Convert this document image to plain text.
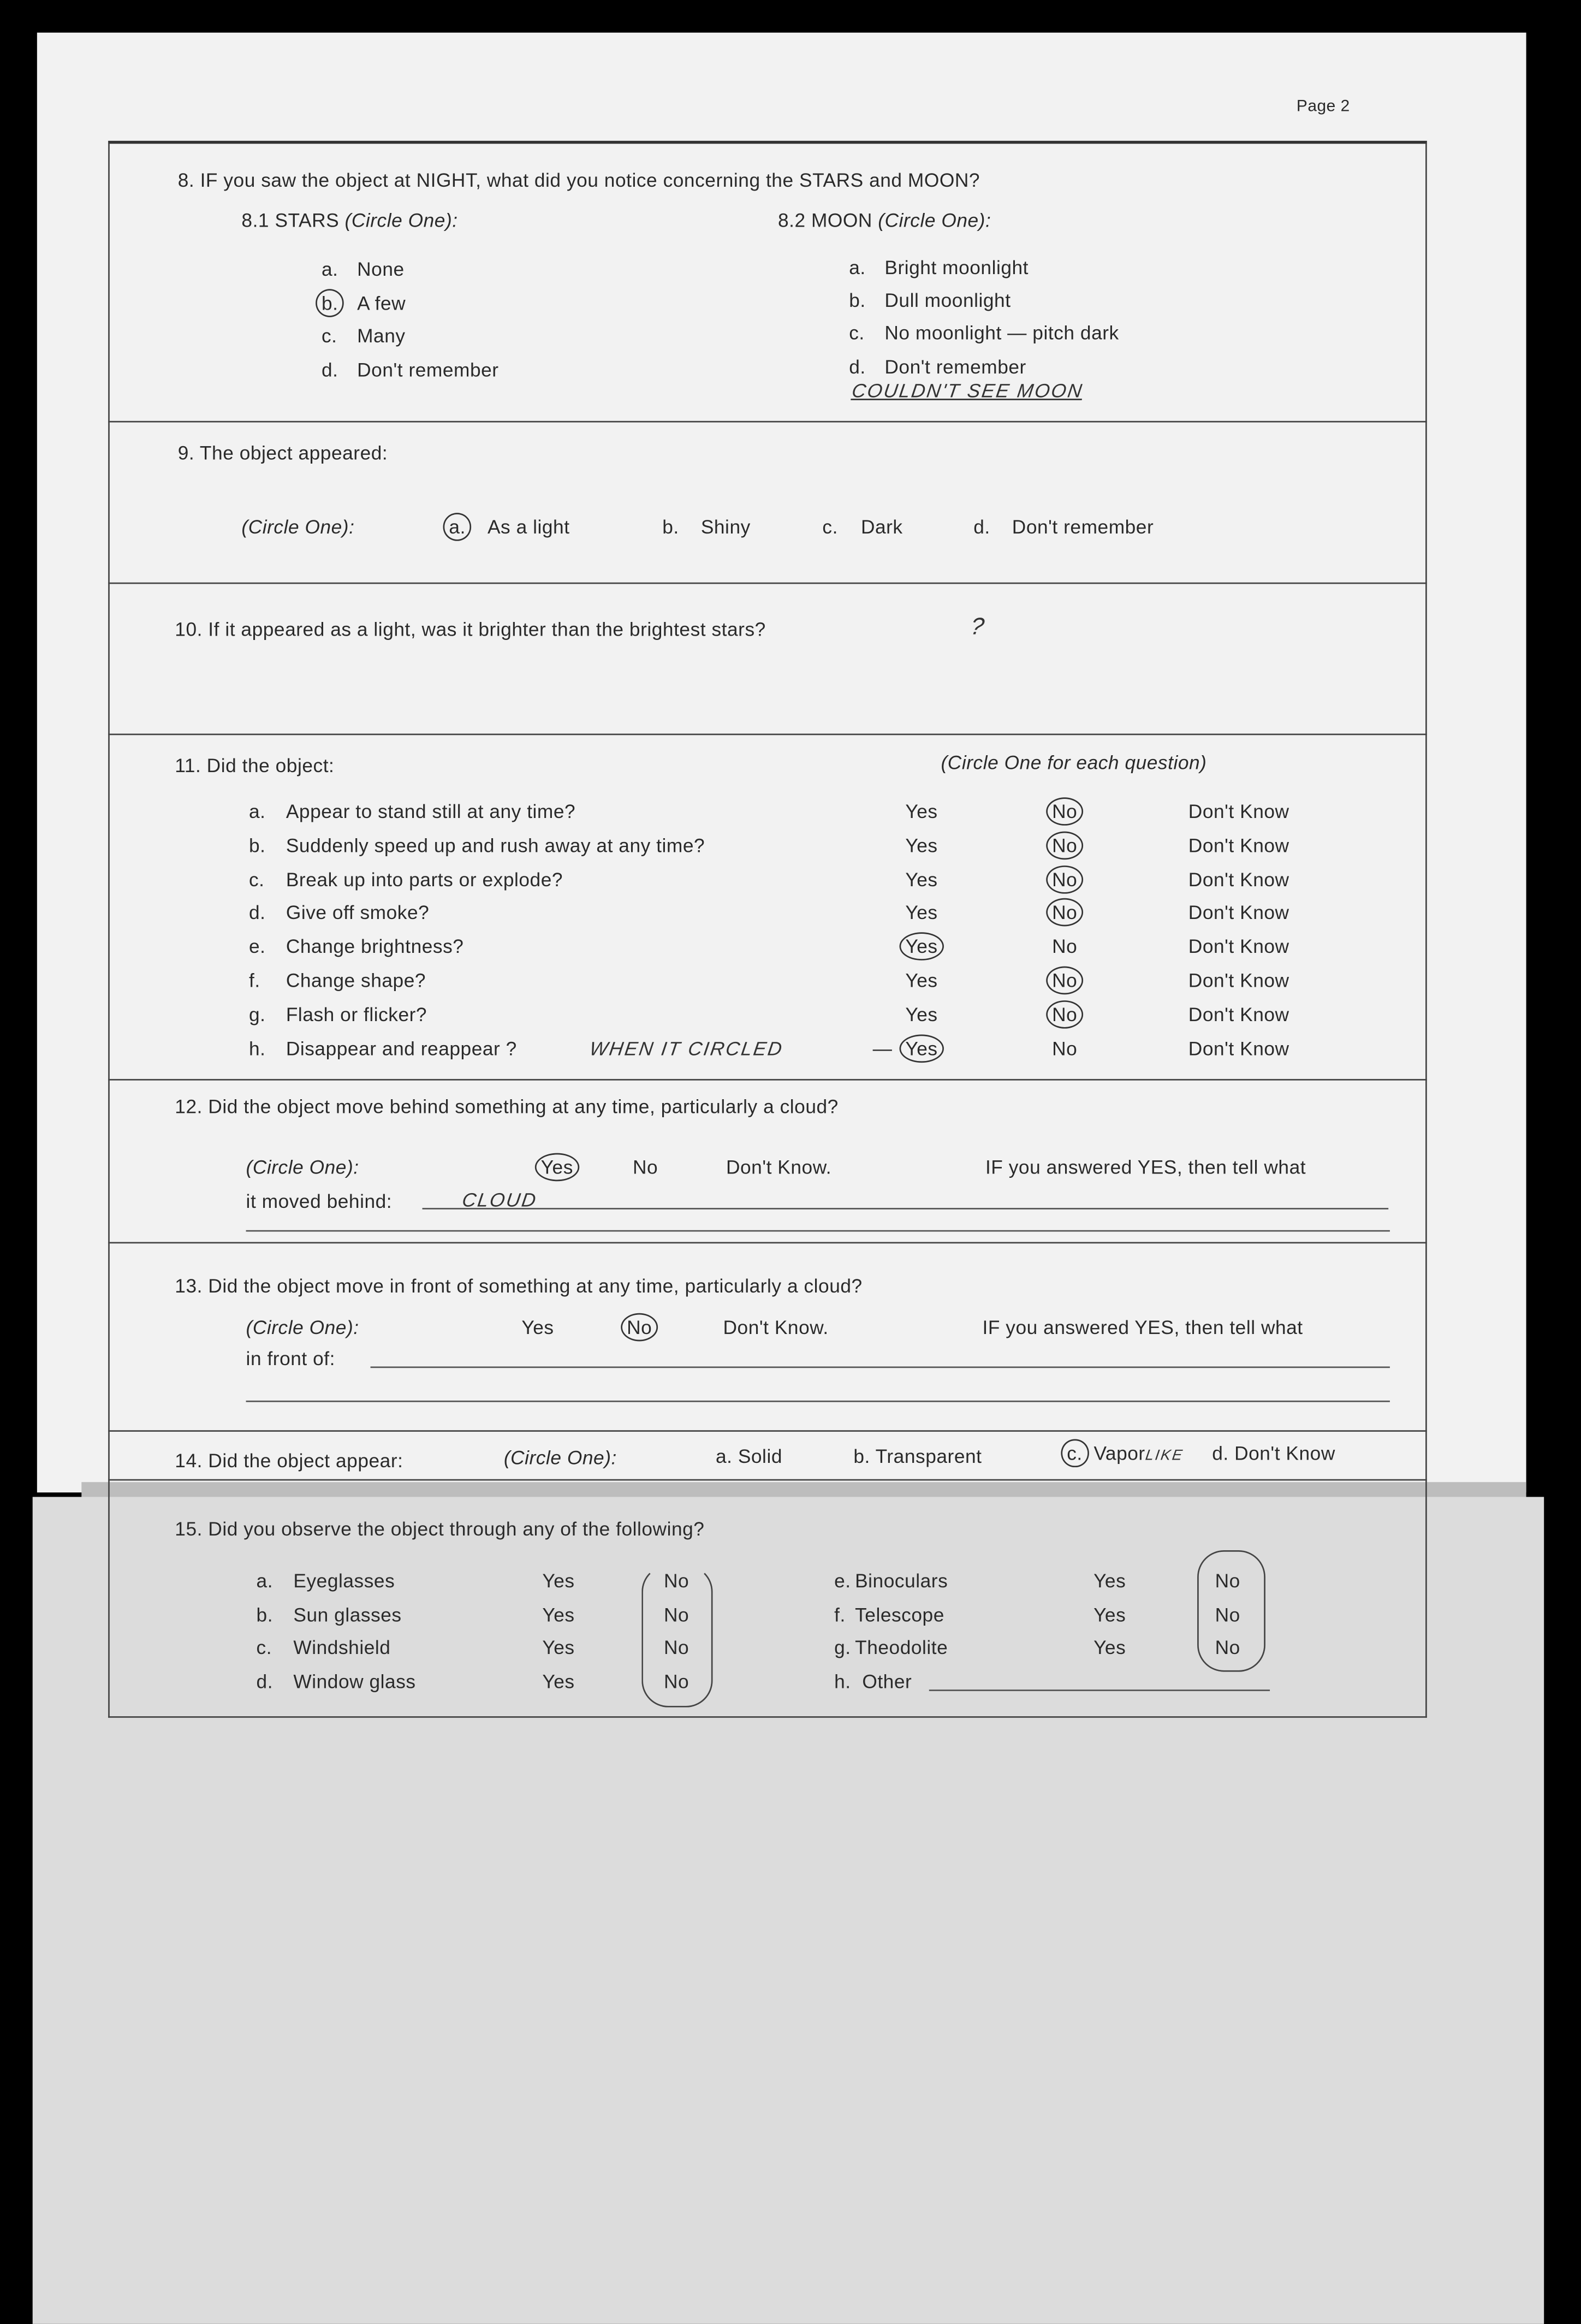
Page 2
8. IF you saw the object at NIGHT, what did you notice concerning the STARS and MOON?
8.1 STARS (Circle One):	8.2 MOON (Circle One):
COULDN'T SEE MOON
9. The object appeared:
(Circle One):
10. If it appeared as a light, was it brighter than the brightest stars?	?
11. Did the object:	(Circle One for each question)
WHEN IT CIRCLED	—
12. Did the object move behind something at any time, particularly a cloud?
(Circle One):	Yes	No	Don't Know.	IF you answered YES, then tell what
it moved behind:	CLOUD
13. Did the object move in front of something at any time, particularly a cloud?
(Circle One):	Yes	No	Don't Know.	IF you answered YES, then tell what
in front of:
14. Did the object appear:	(Circle One):	a. Solid	b. Transparent	c. VaporLIKE	d. Don't Know
15. Did you observe the object through any of the following?
h. Other
a.	None
b.	A few
c.	Many
d.	Don't remember
a.	Bright moonlight
b.	Dull moonlight
c.	No moonlight — pitch dark
d.	Don't remember
a.	As a light	b.	Shiny	c.	Dark	d.	Don't remember
a.	Appear to stand still at any time?	Yes	No	Don't Know
b.	Suddenly speed up and rush away at any time?	Yes	No	Don't Know
c.	Break up into parts or explode?	Yes	No	Don't Know
d.	Give off smoke?	Yes	No	Don't Know
e.	Change brightness?	Yes	No	Don't Know
f.	Change shape?	Yes	No	Don't Know
g.	Flash or flicker?	Yes	No	Don't Know
h.	Disappear and reappear ?	Yes	No	Don't Know
a.	Eyeglasses	Yes	No
b.	Sun glasses	Yes	No
c.	Windshield	Yes	No
d.	Window glass	Yes	No
e. Binoculars	Yes	No
f. Telescope	Yes	No
g. Theodolite	Yes	No
